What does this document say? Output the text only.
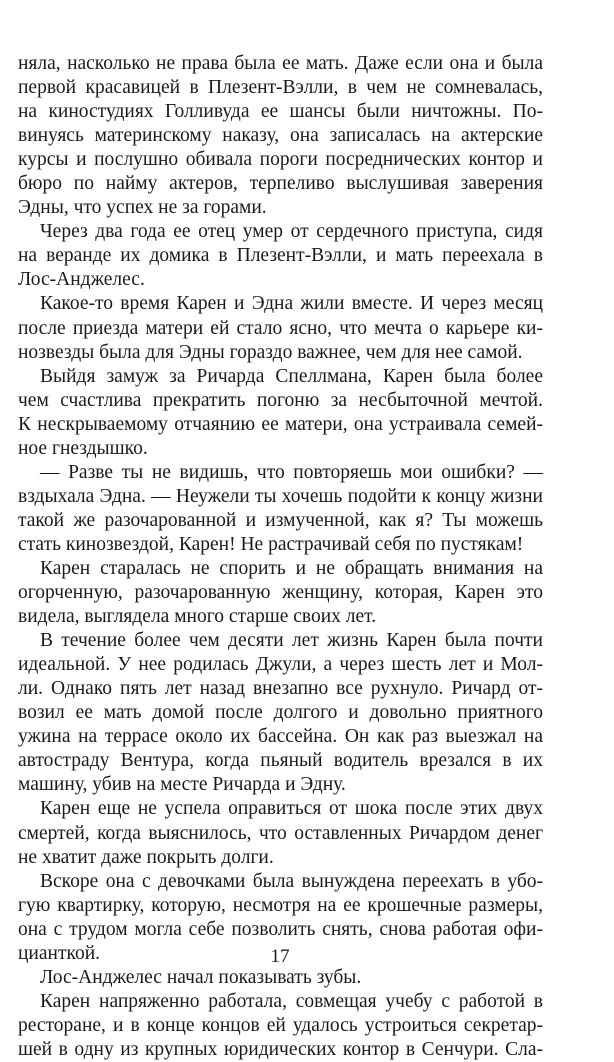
няла, насколько не права была ее мать. Даже если она и была
первой красавицей в Плезент-Вэлли, в чем не сомневалась,
на киностудиях Голливуда ее шансы были ничтожны. По-
винуясь материнскому наказу, она записалась на актерские
курсы и послушно обивала пороги посреднических контор и
бюро по найму актеров, терпеливо выслушивая заверения
Эдны, что успех не за горами.
Через два года ее отец умер от сердечного приступа, сидя
на веранде их домика в Плезент-Вэлли, и мать переехала в
Лос-Анджелес.
Какое-то время Карен и Эдна жили вместе. И через месяц
после приезда матери ей стало ясно, что мечта о карьере ки-
нозвезды была для Эдны гораздо важнее, чем для нее самой.
Выйдя замуж за Ричарда Спеллмана, Карен была более
чем счастлива прекратить погоню за несбыточной мечтой.
К нескрываемому отчаянию ее матери, она устраивала семей-
ное гнездышко.
— Разве ты не видишь, что повторяешь мои ошибки? —
вздыхала Эдна. — Неужели ты хочешь подойти к концу жизни
такой же разочарованной и измученной, как я? Ты можешь
стать кинозвездой, Карен! Не растрачивай себя по пустякам!
Карен старалась не спорить и не обращать внимания на
огорченную, разочарованную женщину, которая, Карен это
видела, выглядела много старше своих лет.
В течение более чем десяти лет жизнь Карен была почти
идеальной. У нее родилась Джули, а через шесть лет и Мол-
ли. Однако пять лет назад внезапно все рухнуло. Ричард от-
возил ее мать домой после долгого и довольно приятного
ужина на террасе около их бассейна. Он как раз выезжал на
автостраду Вентура, когда пьяный водитель врезался в их
машину, убив на месте Ричарда и Эдну.
Карен еще не успела оправиться от шока после этих двух
смертей, когда выяснилось, что оставленных Ричардом денег
не хватит даже покрыть долги.
Вскоре она с девочками была вынуждена переехать в убо-
гую квартирку, которую, несмотря на ее крошечные размеры,
она с трудом могла себе позволить снять, снова работая офи-
цианткой.
Лос-Анджелес начал показывать зубы.
Карен напряженно работала, совмещая учебу с работой в
ресторане, и в конце концов ей удалось устроиться секретар-
шей в одну из крупных юридических контор в Сенчури. Сла-
17
